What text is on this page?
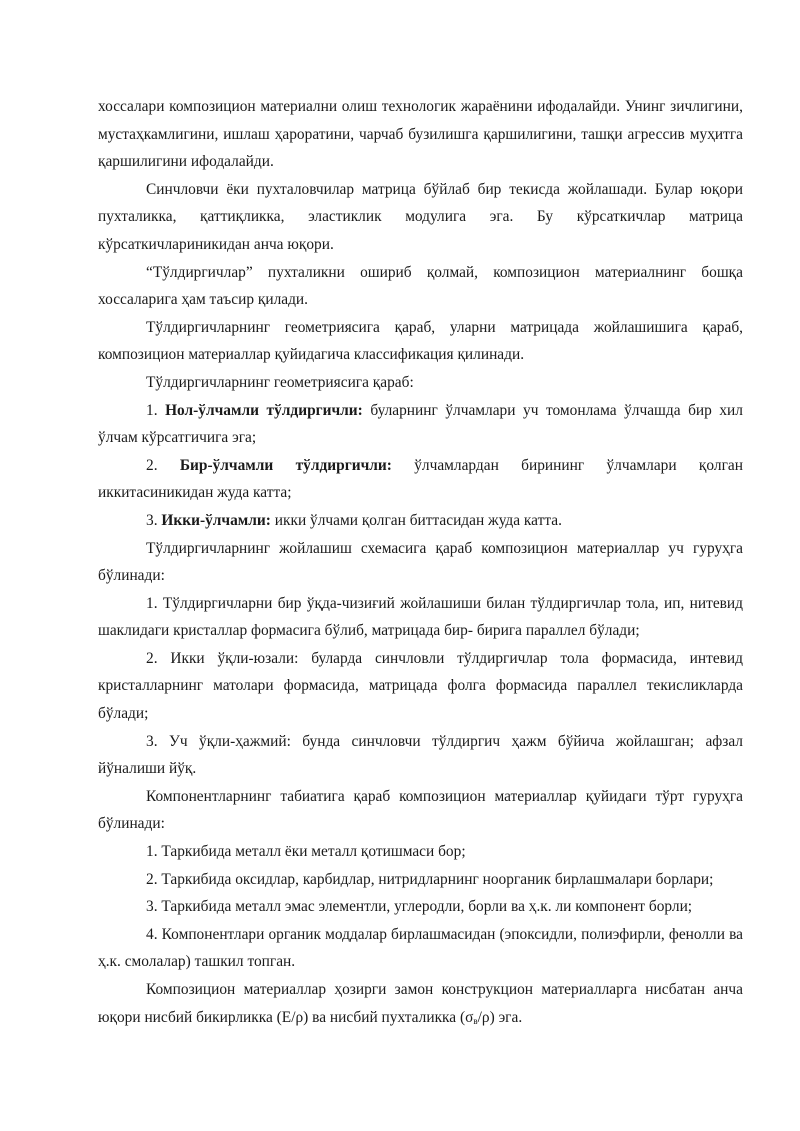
хоссалари композицион материални олиш технологик жараёнини ифодалайди. Унинг зичлигини, мустаҳкамлигини, ишлаш ҳароратини, чарчаб бузилишга қаршилигини, ташқи агрессив муҳитга қаршилигини ифодалайди.

Синчловчи ёки пухталовчилар матрица бўйлаб бир текисда жойлашади. Булар юқори пухталикка, қаттиқликка, эластиклик модулига эга. Бу кўрсаткичлар матрица кўрсаткичлариникидан анча юқори.

“Тўлдиргичлар” пухталикни ошириб қолмай, композицион материалнинг бошқа хоссаларига ҳам таъсир қилади.

Тўлдиргичларнинг геометриясига қараб, уларни матрицада жойлашишига қараб, композицион материаллар қуйидагича классификация қилинади.

Тўлдиргичларнинг геометриясига қараб:

1. Нол-ўлчамли тўлдиргичли: буларнинг ўлчамлари уч томонлама ўлчашда бир хил ўлчам кўрсатгичига эга;

2. Бир-ўлчамли тўлдиргичли: ўлчамлардан бирининг ўлчамлари қолган иккитасиникидан жуда катта;

3. Икки-ўлчамли: икки ўлчами қолган биттасидан жуда катта.

Тўлдиргичларнинг жойлашиш схемасига қараб композицион материаллар уч гуруҳга бўлинади:

1. Тўлдиргичларни бир ўқда-чизиғий жойлашиши билан тўлдиргичлар тола, ип, нитевид шаклидаги кристаллар формасига бўлиб, матрицада бир- бирига параллел бўлади;

2. Икки ўқли-юзали: буларда синчловли тўлдиргичлар тола формасида, интевид кристалларнинг матолари формасида, матрицада фолга формасида параллел текисликларда бўлади;

3. Уч ўқли-ҳажмий: бунда синчловчи тўлдиргич ҳажм бўйича жойлашган; афзал йўналиши йўқ.

Компонентларнинг табиатига қараб композицион материаллар қуйидаги тўрт гуруҳга бўлинади:

1. Таркибида металл ёки металл қотишмаси бор;

2. Таркибида оксидлар, карбидлар, нитридларнинг ноорганик бирлашмалари борлари;

3. Таркибида металл эмас элементли, углеродли, борли ва ҳ.к. ли компонент борли;

4. Компонентлари органик моддалар бирлашмасидан (эпоксидли, полиэфирли, фенолли ва ҳ.к. смолалар) ташкил топган.

Композицион материаллар ҳозирги замон конструкцион материалларга нисбатан анча юқори нисбий бикирликка (Е/ρ) ва нисбий пухталикка $(\sigma_в/\rho)$ эга.
